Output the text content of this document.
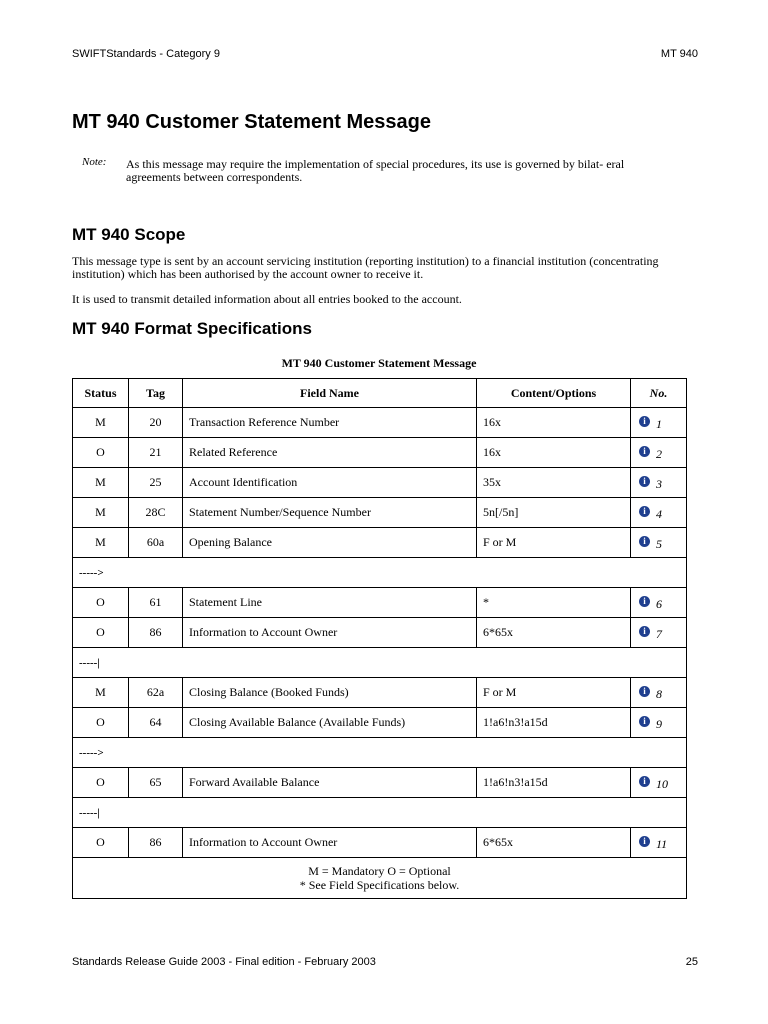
SWIFTStandards - Category 9	MT 940
MT 940 Customer Statement Message
Note: As this message may require the implementation of special procedures, its use is governed by bilat- eral agreements between correspondents.
MT 940 Scope
This message type is sent by an account servicing institution (reporting institution) to a financial institution (concentrating institution) which has been authorised by the account owner to receive it.
It is used to transmit detailed information about all entries booked to the account.
MT 940 Format Specifications
MT 940 Customer Statement Message
Status	Tag	Field Name	Content/Options	No.
M	20	Transaction Reference Number	16x	i 1
O	21	Related Reference	16x	i 2
M	25	Account Identification	35x	i 3
M	28C	Statement Number/Sequence Number	5n[/5n]	i 4
M	60a	Opening Balance	F or M	i 5
----->				
O	61	Statement Line	*	i 6
O	86	Information to Account Owner	6*65x	i 7
-----|				
M	62a	Closing Balance (Booked Funds)	F or M	i 8
O	64	Closing Available Balance (Available Funds)	1!a6!n3!a15d	i 9
----->				
O	65	Forward Available Balance	1!a6!n3!a15d	i 10
-----|				
O	86	Information to Account Owner	6*65x	i 11

M = Mandatory O = Optional
* See Field Specifications below.				
Standards Release Guide 2003 - Final edition - February 2003	25
